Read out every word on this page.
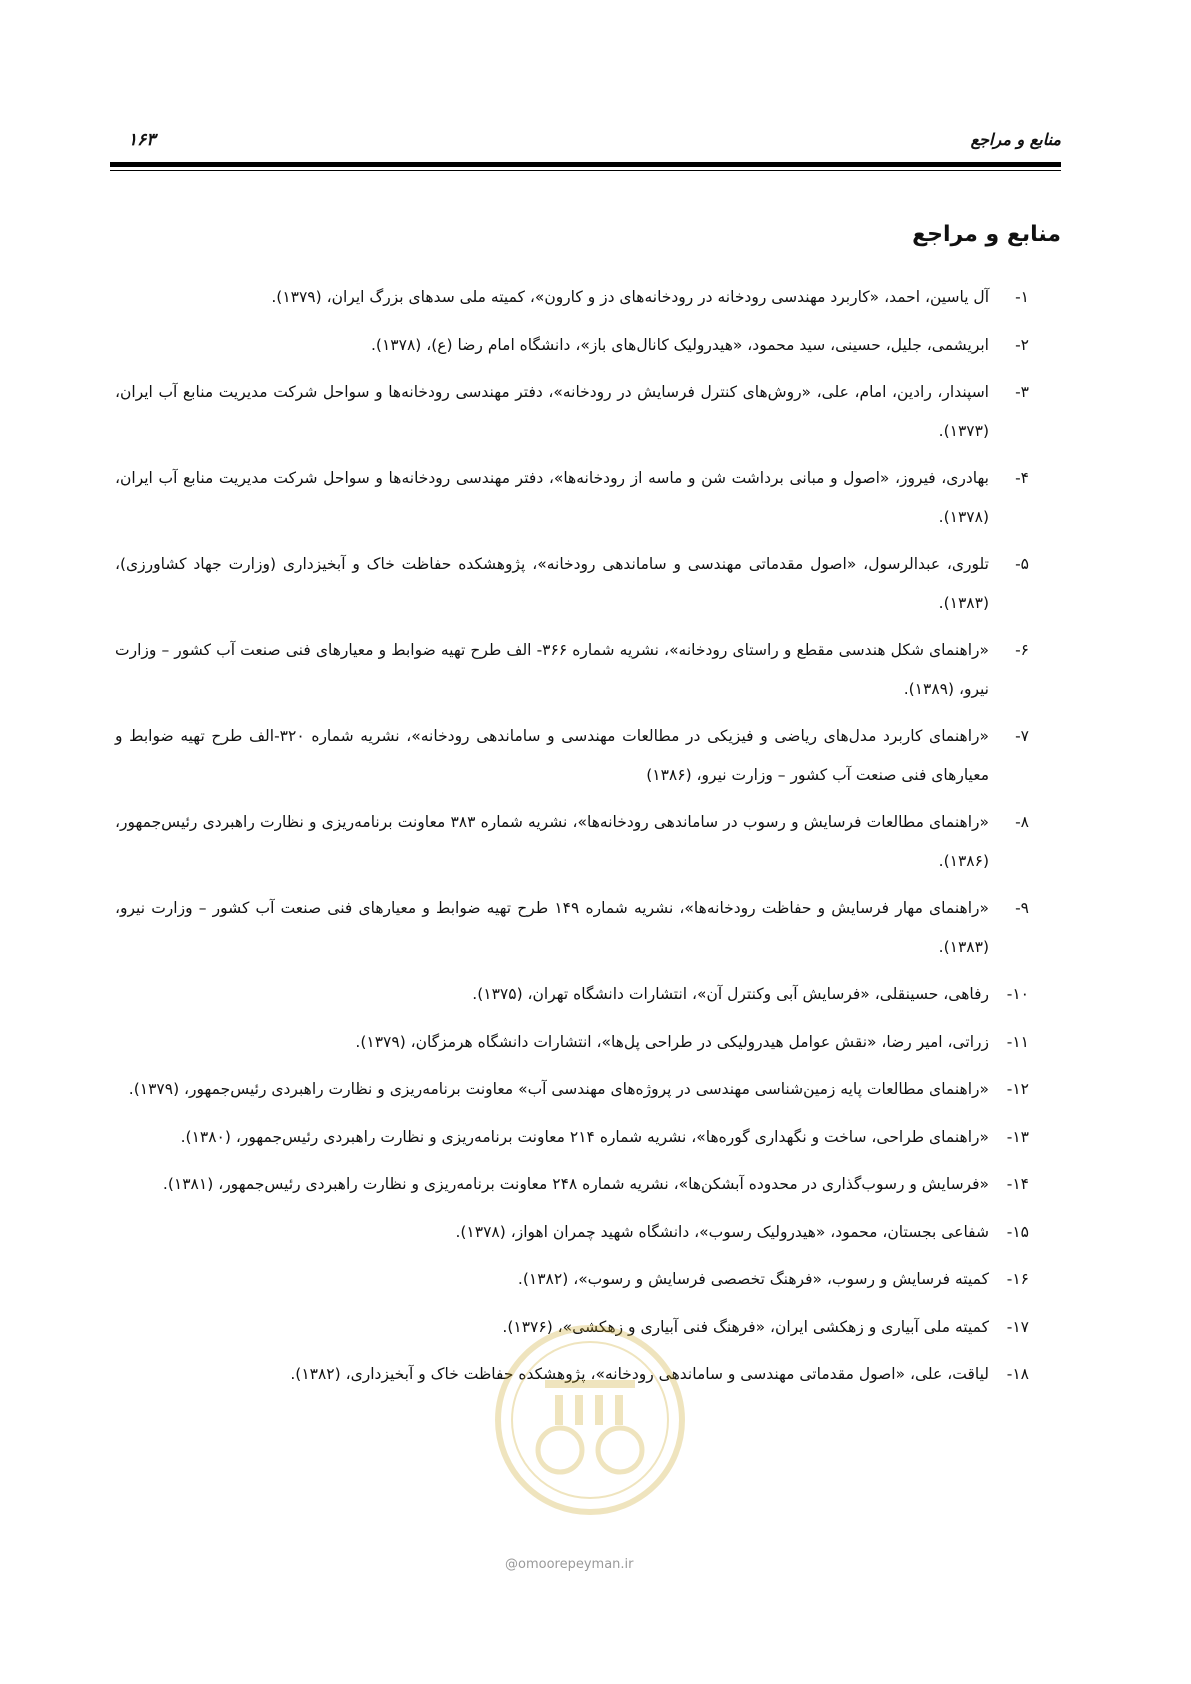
منابع و مراجع
۱۶۳
منابع و مراجع
۱-
آل یاسین، احمد، «کاربرد مهندسی رودخانه در رودخانه‌های دز و کارون»، کمیته ملی سدهای بزرگ ایران، (۱۳۷۹).
۲-
ابریشمی، جلیل، حسینی، سید محمود، «هیدرولیک کانال‌های باز»، دانشگاه امام رضا (ع)، (۱۳۷۸).
۳-
اسپندار، رادین، امام، علی، «روش‌های کنترل فرسایش در رودخانه»، دفتر مهندسی رودخانه‌ها و سواحل شرکت مدیریت منابع آب ایران، (۱۳۷۳).
۴-
بهادری، فیروز، «اصول و مبانی برداشت شن و ماسه از رودخانه‌ها»، دفتر مهندسی رودخانه‌ها و سواحل شرکت مدیریت منابع آب ایران، (۱۳۷۸).
۵-
تلوری، عبدالرسول، «اصول مقدماتی مهندسی و ساماندهی رودخانه»، پژوهشکده حفاظت خاک و آبخیزداری (وزارت جهاد کشاورزی)، (۱۳۸۳).
۶-
«راهنمای شکل هندسی مقطع و راستای رودخانه»، نشریه شماره ۳۶۶- الف طرح تهیه ضوابط و معیارهای فنی صنعت آب کشور – وزارت نیرو، (۱۳۸۹).
۷-
«راهنمای کاربرد مدل‌های ریاضی و فیزیکی در مطالعات مهندسی و ساماندهی رودخانه»، نشریه شماره ۳۲۰-الف طرح تهیه ضوابط و معیارهای فنی صنعت آب کشور – وزارت نیرو، (۱۳۸۶)
۸-
«راهنمای مطالعات فرسایش و رسوب در ساماندهی رودخانه‌ها»، نشریه شماره ۳۸۳ معاونت برنامه‌ریزی و نظارت راهبردی رئیس‌جمهور، (۱۳۸۶).
۹-
«راهنمای مهار فرسایش و حفاظت رودخانه‌ها»، نشریه شماره ۱۴۹ طرح تهیه ضوابط و معیارهای فنی صنعت آب کشور – وزارت نیرو، (۱۳۸۳).
۱۰-
رفاهی، حسینقلی، «فرسایش آبی وکنترل آن»، انتشارات دانشگاه تهران، (۱۳۷۵).
۱۱-
زراتی، امیر رضا، «نقش عوامل هیدرولیکی در طراحی پل‌ها»، انتشارات دانشگاه هرمزگان، (۱۳۷۹).
۱۲-
«راهنمای مطالعات پایه زمین‌شناسی مهندسی در پروژه‌های مهندسی آب» معاونت برنامه‌ریزی و نظارت راهبردی رئیس‌جمهور، (۱۳۷۹).
۱۳-
«راهنمای طراحی، ساخت و نگهداری گوره‌ها»، نشریه شماره ۲۱۴ معاونت برنامه‌ریزی و نظارت راهبردی رئیس‌جمهور، (۱۳۸۰).
۱۴-
«فرسایش و رسوب‌گذاری در محدوده آبشکن‌ها»، نشریه شماره ۲۴۸ معاونت برنامه‌ریزی و نظارت راهبردی رئیس‌جمهور، (۱۳۸۱).
۱۵-
شفاعی بجستان، محمود، «هیدرولیک رسوب»، دانشگاه شهید چمران اهواز، (۱۳۷۸).
۱۶-
کمیته فرسایش و رسوب، «فرهنگ تخصصی فرسایش و رسوب»، (۱۳۸۲).
۱۷-
کمیته ملی آبیاری و زهکشی ایران، «فرهنگ فنی آبیاری و زهکشی»، (۱۳۷۶).
۱۸-
لیاقت، علی، «اصول مقدماتی مهندسی و ساماندهی رودخانه»، پژوهشکده حفاظت خاک و آبخیزداری، (۱۳۸۲).
@omoorepeyman.ir
